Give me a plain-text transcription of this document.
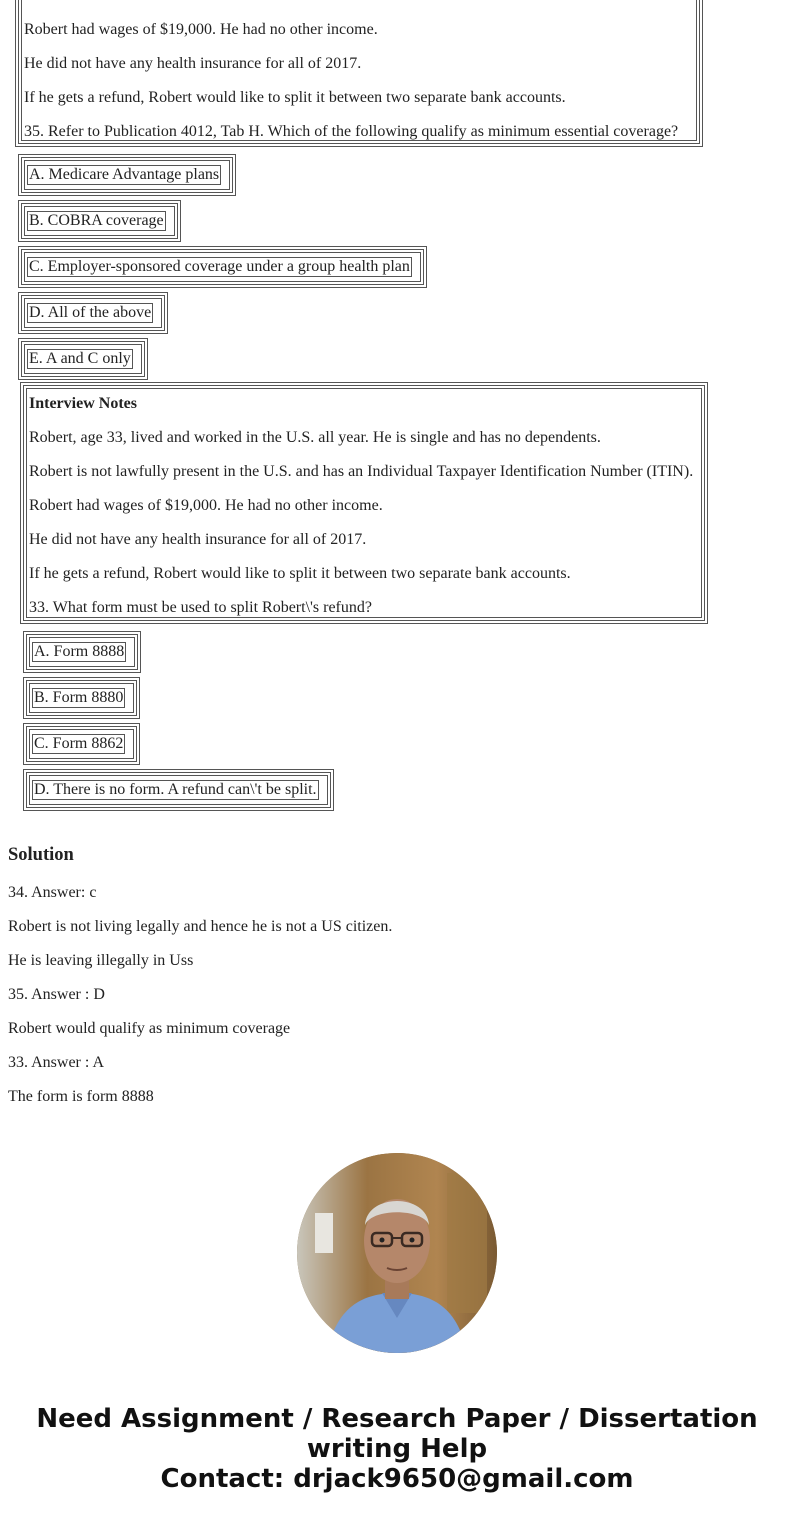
Robert had wages of $19,000. He had no other income.
He did not have any health insurance for all of 2017.
If he gets a refund, Robert would like to split it between two separate bank accounts.
35. Refer to Publication 4012, Tab H. Which of the following qualify as minimum essential coverage?
A. Medicare Advantage plans
B. COBRA coverage
C. Employer-sponsored coverage under a group health plan
D. All of the above
E. A and C only
Interview Notes
Robert, age 33, lived and worked in the U.S. all year. He is single and has no dependents.
Robert is not lawfully present in the U.S. and has an Individual Taxpayer Identification Number (ITIN).
Robert had wages of $19,000. He had no other income.
He did not have any health insurance for all of 2017.
If he gets a refund, Robert would like to split it between two separate bank accounts.
33. What form must be used to split Robert\'s refund?
A. Form 8888
B. Form 8880
C. Form 8862
D. There is no form. A refund can\'t be split.
Solution
34. Answer: c
Robert is not living legally and hence he is not a US citizen.
He is leaving illegally in Uss
35. Answer : D
Robert would qualify as minimum coverage
33. Answer : A
The form is form 8888
Need Assignment / Research Paper / Dissertation
writing Help
Contact: drjack9650@gmail.com
